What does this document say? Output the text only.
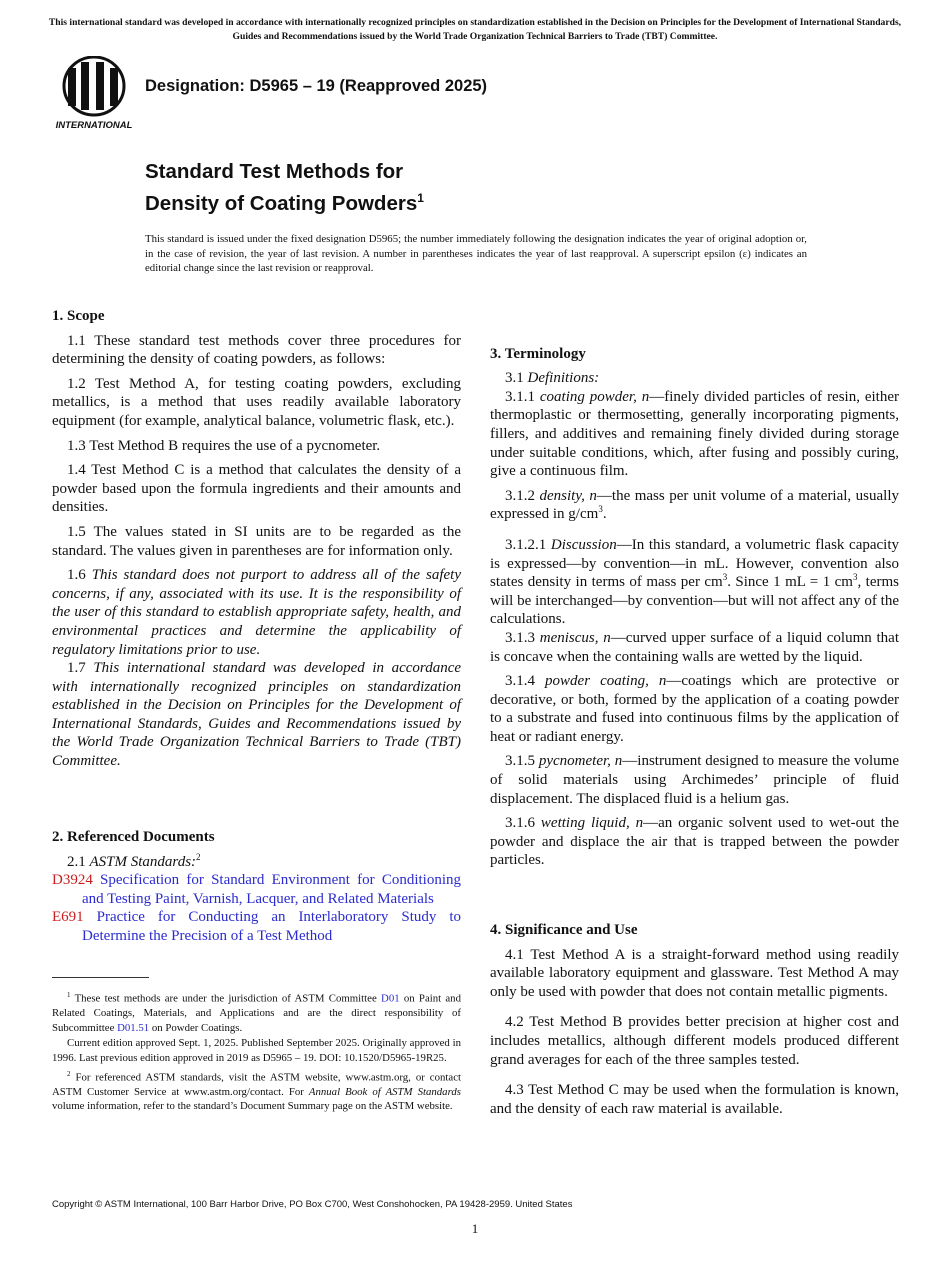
This international standard was developed in accordance with internationally recognized principles on standardization established in the Decision on Principles for the Development of International Standards, Guides and Recommendations issued by the World Trade Organization Technical Barriers to Trade (TBT) Committee.
INTERNATIONAL
Designation: D5965 – 19 (Reapproved 2025)
Standard Test Methods for
Density of Coating Powders$^1$
This standard is issued under the fixed designation D5965; the number immediately following the designation indicates the year of original adoption or, in the case of revision, the year of last revision. A number in parentheses indicates the year of last reapproval. A superscript epsilon (ε) indicates an editorial change since the last revision or reapproval.
1. Scope

1.1 These standard test methods cover three procedures for determining the density of coating powders, as follows:

1.2 Test Method A, for testing coating powders, excluding metallics, is a method that uses readily available laboratory equipment (for example, analytical balance, volumetric flask, etc.).

1.3 Test Method B requires the use of a pycnometer.

1.4 Test Method C is a method that calculates the density of a powder based upon the formula ingredients and their amounts and densities.

1.5 The values stated in SI units are to be regarded as the standard. The values given in parentheses are for information only.

1.6 This standard does not purport to address all of the safety concerns, if any, associated with its use. It is the responsibility of the user of this standard to establish appropriate safety, health, and environmental practices and determine the applicability of regulatory limitations prior to use.

1.7 This international standard was developed in accordance with internationally recognized principles on standardization established in the Decision on Principles for the Development of International Standards, Guides and Recommendations issued by the World Trade Organization Technical Barriers to Trade (TBT) Committee.

2. Referenced Documents

2.1 ASTM Standards:$^2$

D3924 Specification for Standard Environment for Conditioning and Testing Paint, Varnish, Lacquer, and Related Materials
E691 Practice for Conducting an Interlaboratory Study to Determine the Precision of a Test Method

$^1$ These test methods are under the jurisdiction of ASTM Committee D01 on Paint and Related Coatings, Materials, and Applications and are the direct responsibility of Subcommittee D01.51 on Powder Coatings.

Current edition approved Sept. 1, 2025. Published September 2025. Originally approved in 1996. Last previous edition approved in 2019 as D5965 – 19. DOI: 10.1520/D5965-19R25.

$^2$ For referenced ASTM standards, visit the ASTM website, www.astm.org, or contact ASTM Customer Service at www.astm.org/contact. For Annual Book of ASTM Standards volume information, refer to the standard’s Document Summary page on the ASTM website.

3. Terminology

3.1 Definitions:

3.1.1 coating powder, n—finely divided particles of resin, either thermoplastic or thermosetting, generally incorporating pigments, fillers, and additives and remaining finely divided during storage under suitable conditions, which, after fusing and possibly curing, give a continuous film.

3.1.2 density, n—the mass per unit volume of a material, usually expressed in $g/cm^3$.

3.1.2.1 Discussion—In this standard, a volumetric flask capacity is expressed—by convention—in mL. However, convention also states density in terms of mass per $cm^3$. Since 1 mL = 1 $cm^3$, terms will be interchanged—by convention—but will not affect any of the calculations.

3.1.3 meniscus, n—curved upper surface of a liquid column that is concave when the containing walls are wetted by the liquid.

3.1.4 powder coating, n—coatings which are protective or decorative, or both, formed by the application of a coating powder to a substrate and fused into continuous films by the application of heat or radiant energy.

3.1.5 pycnometer, n—instrument designed to measure the volume of solid materials using Archimedes’ principle of fluid displacement. The displaced fluid is a helium gas.

3.1.6 wetting liquid, n—an organic solvent used to wet-out the powder and displace the air that is trapped between the powder particles.

4. Significance and Use

4.1 Test Method A is a straight-forward method using readily available laboratory equipment and glassware. Test Method A may only be used with powder that does not contain metallic pigments.

4.2 Test Method B provides better precision at higher cost and includes metallics, although different models produced different grand averages for each of the three samples tested.

4.3 Test Method C may be used when the formulation is known, and the density of each raw material is available.

Copyright © ASTM International, 100 Barr Harbor Drive, PO Box C700, West Conshohocken, PA 19428-2959. United States
1
